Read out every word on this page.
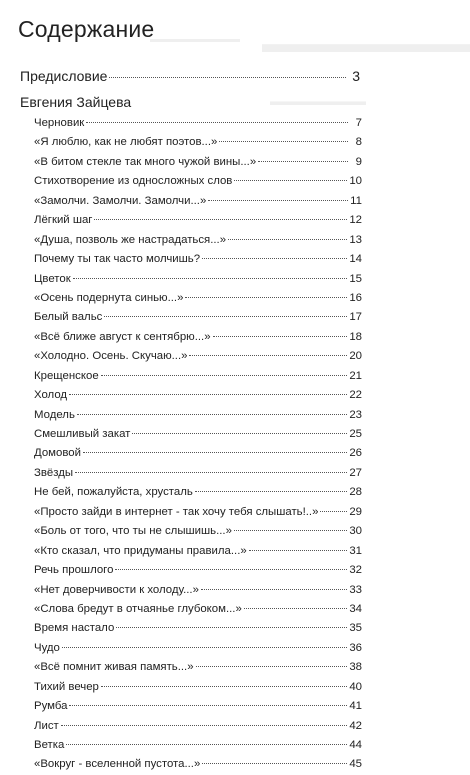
▬▬▬▬▬▬▬▬
▬▬▬▬▬▬▬▬▬
▬▬▬▬▬▬▬▬
Содержание
Предисловие	3
Евгения Зайцева
Черновик	7
«Я люблю, как не любят поэтов...»	8
«В битом стекле так много чужой вины...»	9
Стихотворение из односложных слов	10
«Замолчи. Замолчи. Замолчи...»	11
Лёгкий шаг	12
«Душа, позволь же настрадаться...»	13
Почему ты так часто молчишь?	14
Цветок	15
«Осень подернута синью...»	16
Белый вальс	17
«Всё ближе август к сентябрю...»	18
«Холодно. Осень. Скучаю...»	20
Крещенское	21
Холод	22
Модель	23
Смешливый закат	25
Домовой	26
Звёзды	27
Не бей, пожалуйста, хрусталь	28
«Просто зайди в интернет - так хочу тебя слышать!..»	29
«Боль от того, что ты не слышишь...»	30
«Кто сказал, что придуманы правила...»	31
Речь прошлого	32
«Нет доверчивости к холоду...»	33
«Слова бредут в отчаянье глубоком...»	34
Время настало	35
Чудо	36
«Всё помнит живая память...»	38
Тихий вечер	40
Румба	41
Лист	42
Ветка	44
«Вокруг - вселенной пустота...»	45
